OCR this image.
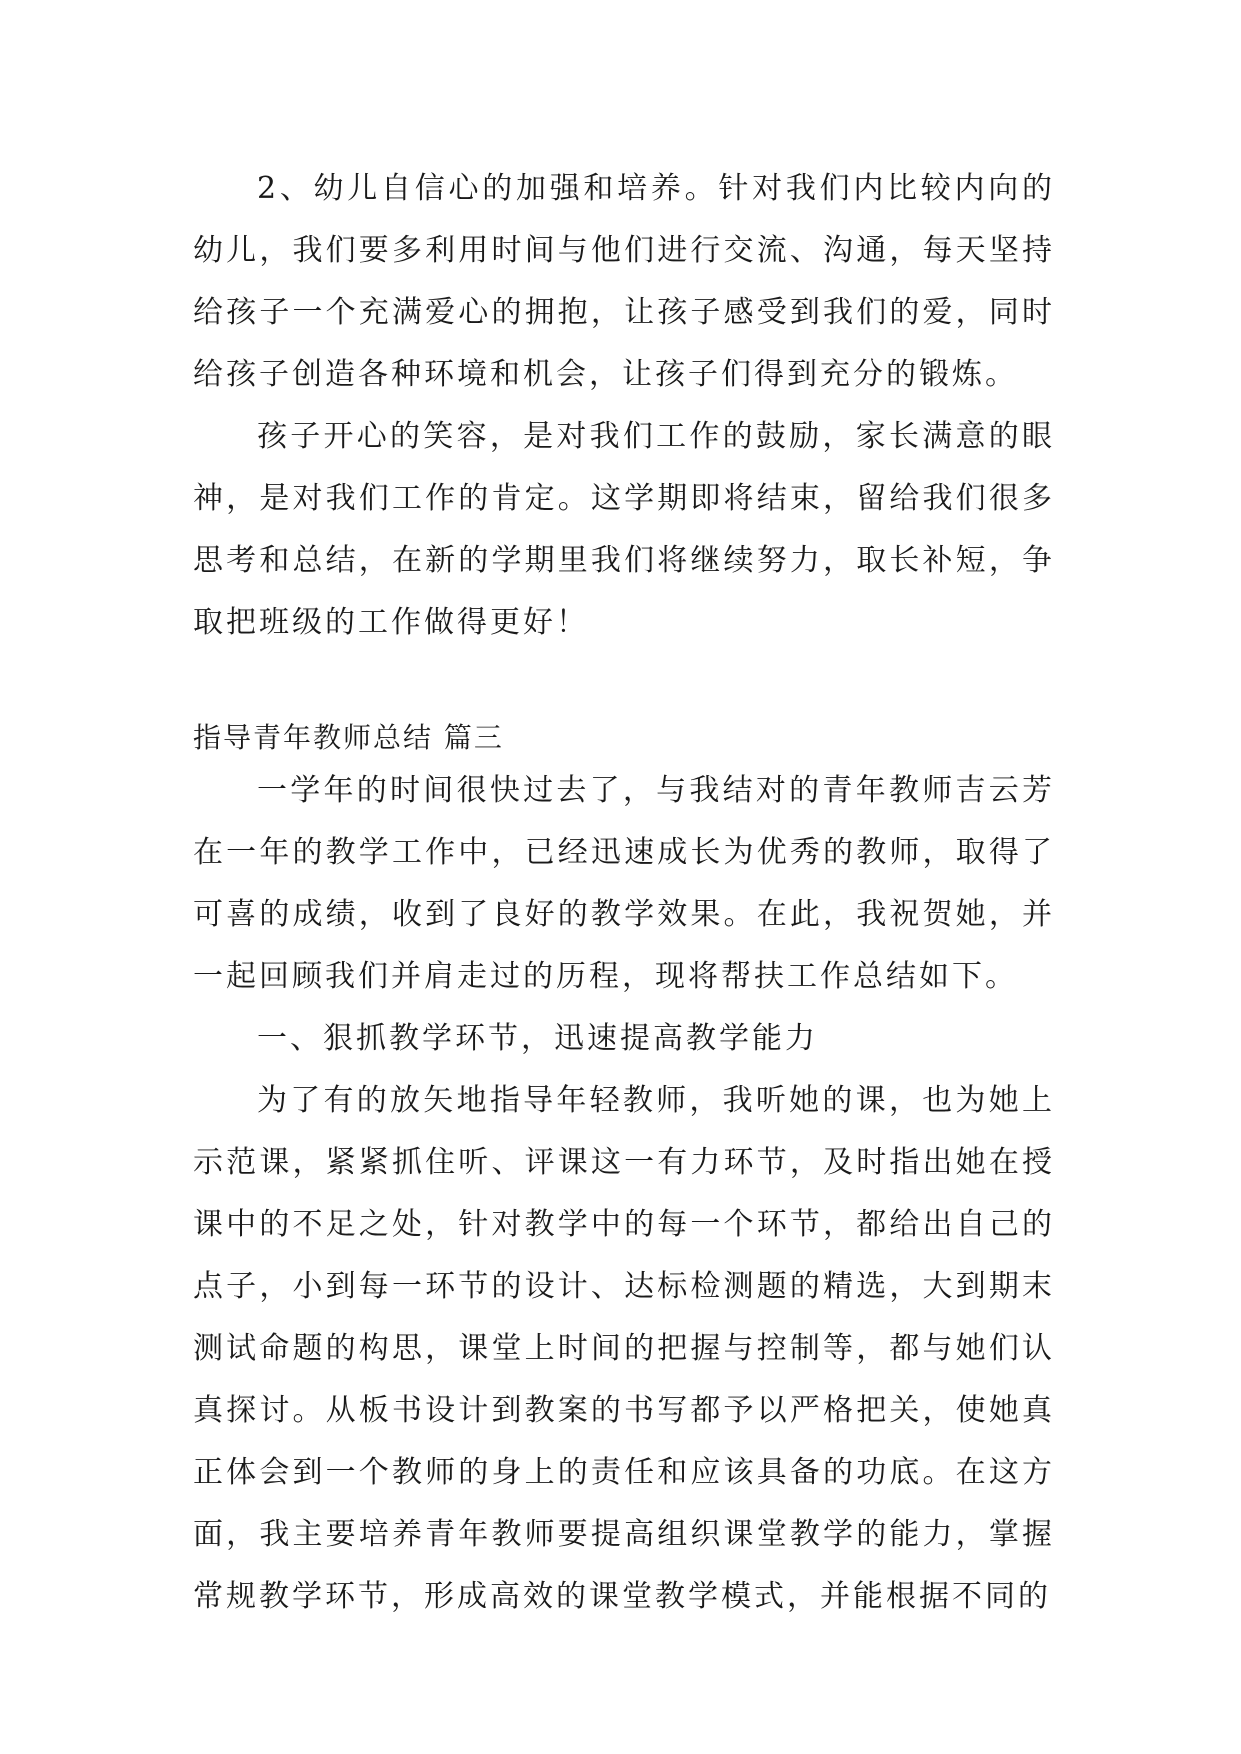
2、幼儿自信心的加强和培养。针对我们内比较内向的幼儿，我们要多利用时间与他们进行交流、沟通，每天坚持给孩子一个充满爱心的拥抱，让孩子感受到我们的爱，同时给孩子创造各种环境和机会，让孩子们得到充分的锻炼。

孩子开心的笑容，是对我们工作的鼓励，家长满意的眼神，是对我们工作的肯定。这学期即将结束，留给我们很多思考和总结，在新的学期里我们将继续努力，取长补短，争取把班级的工作做得更好！

指导青年教师总结 篇三

一学年的时间很快过去了，与我结对的青年教师吉云芳在一年的教学工作中，已经迅速成长为优秀的教师，取得了可喜的成绩，收到了良好的教学效果。在此，我祝贺她，并一起回顾我们并肩走过的历程，现将帮扶工作总结如下。

一、狠抓教学环节，迅速提高教学能力

为了有的放矢地指导年轻教师，我听她的课，也为她上示范课，紧紧抓住听、评课这一有力环节，及时指出她在授课中的不足之处，针对教学中的每一个环节，都给出自己的点子，小到每一环节的设计、达标检测题的精选，大到期末测试命题的构思，课堂上时间的把握与控制等，都与她们认真探讨。从板书设计到教案的书写都予以严格把关，使她真正体会到一个教师的身上的责任和应该具备的功底。在这方面，我主要培养青年教师要提高组织课堂教学的能力，掌握常规教学环节，形成高效的课堂教学模式，并能根据不同的
